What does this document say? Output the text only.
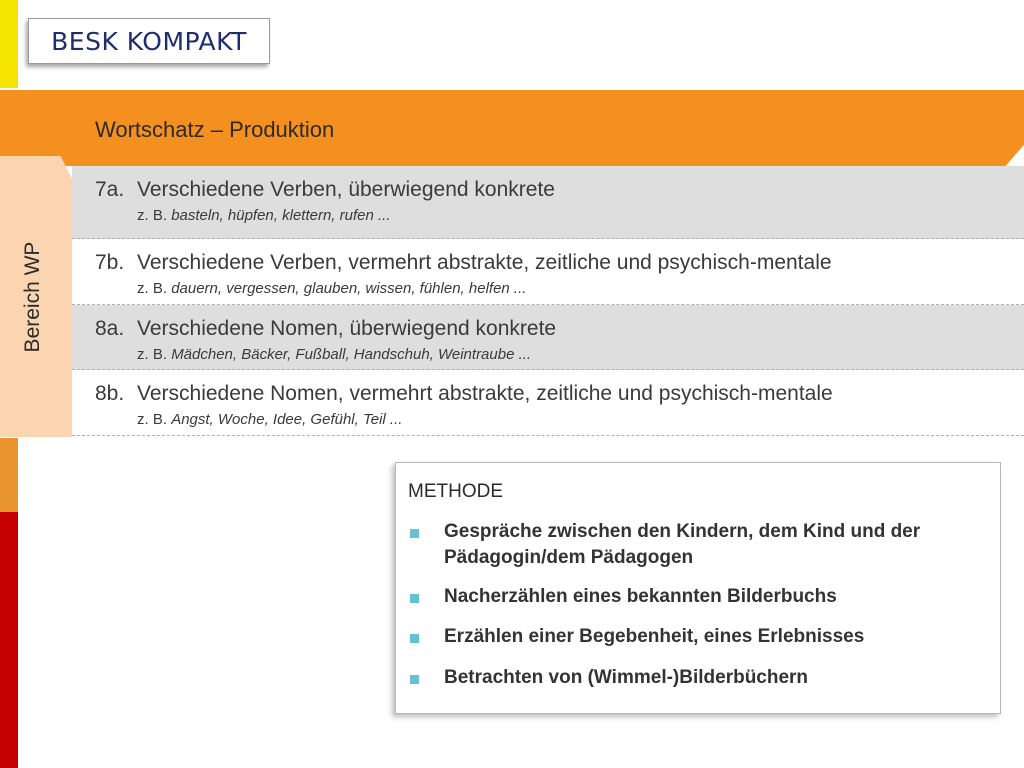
BESK KOMPAKT
Wortschatz – Produktion
Bereich WP
7a. Verschiedene Verben, überwiegend konkrete
z. B. basteln, hüpfen, klettern, rufen ...
7b. Verschiedene Verben, vermehrt abstrakte, zeitliche und psychisch-mentale
z. B. dauern, vergessen, glauben, wissen, fühlen, helfen ...
8a. Verschiedene Nomen, überwiegend konkrete
z. B. Mädchen, Bäcker, Fußball, Handschuh, Weintraube ...
8b. Verschiedene Nomen, vermehrt abstrakte, zeitliche und psychisch-mentale
z. B. Angst, Woche, Idee, Gefühl, Teil ...
METHODE
Gespräche zwischen den Kindern, dem Kind und der Pädagogin/dem Pädagogen
Nacherzählen eines bekannten Bilderbuchs
Erzählen einer Begebenheit, eines Erlebnisses
Betrachten von (Wimmel-)Bilderbüchern
